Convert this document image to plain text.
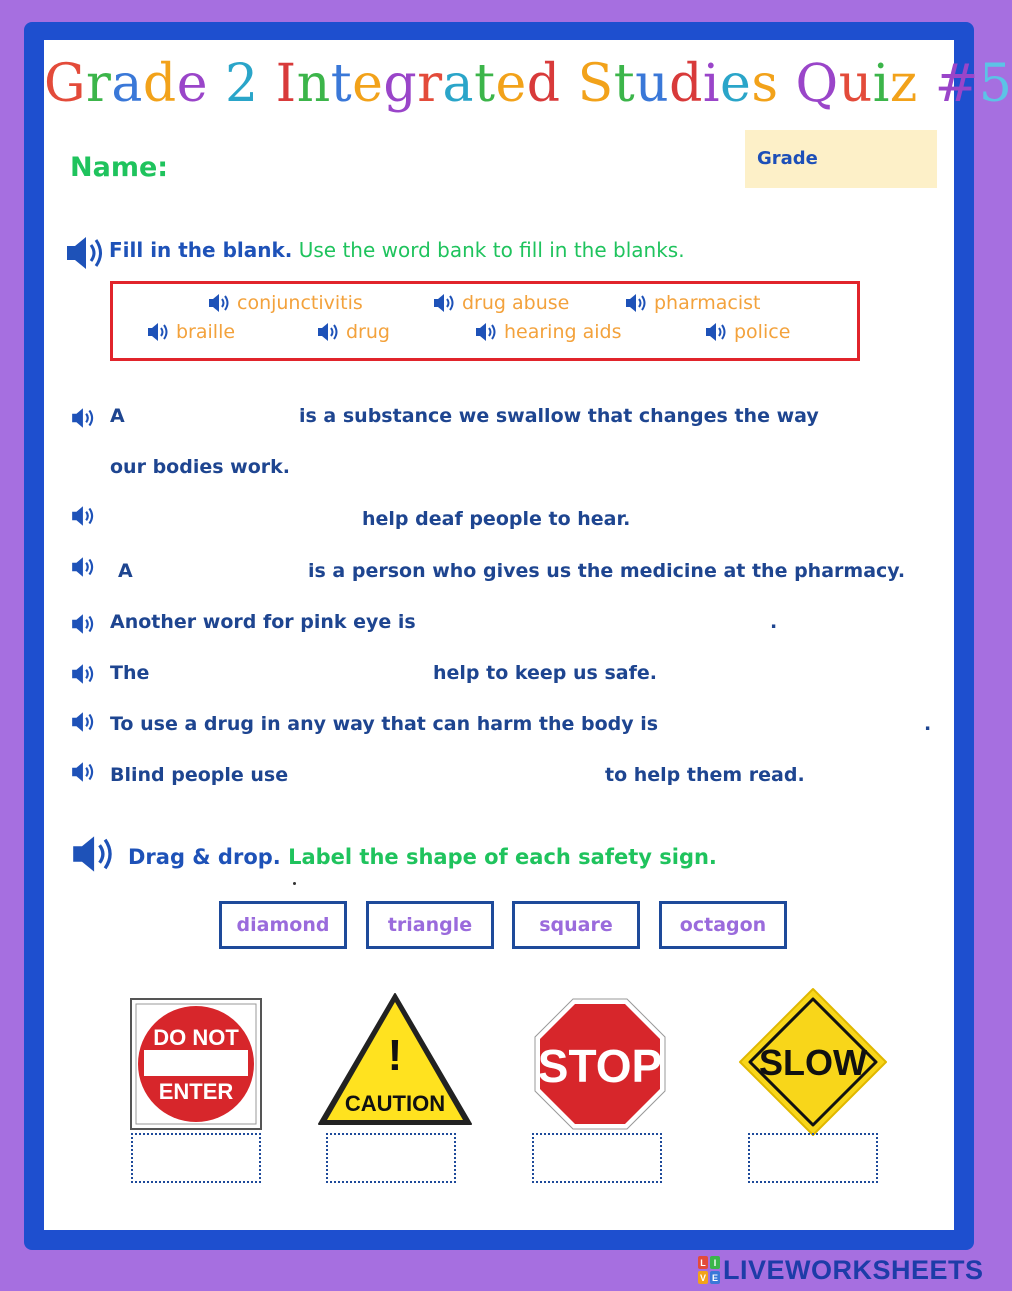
Grade 2 Integrated Studies Quiz #5
Name:	Grade
Fill in the blank. Use the word bank to fill in the blanks.
conjunctivitis	drug abuse	pharmacist
braille	drug	hearing aids	police
A	is a substance we swallow that changes the way
our bodies work.
help deaf people to hear.
A	is a person who gives us the medicine at the pharmacy.
Another word for pink eye is	.
The	help to keep us safe.
To use a drug in any way that can harm the body is	.
Blind people use	to help them read.
Drag & drop. Label the shape of each safety sign.
diamond	triangle	square	octagon
DO NOT
ENTER
!
CAUTION
STOP	SLOW
L I
V E LIVEWORKSHEETS
